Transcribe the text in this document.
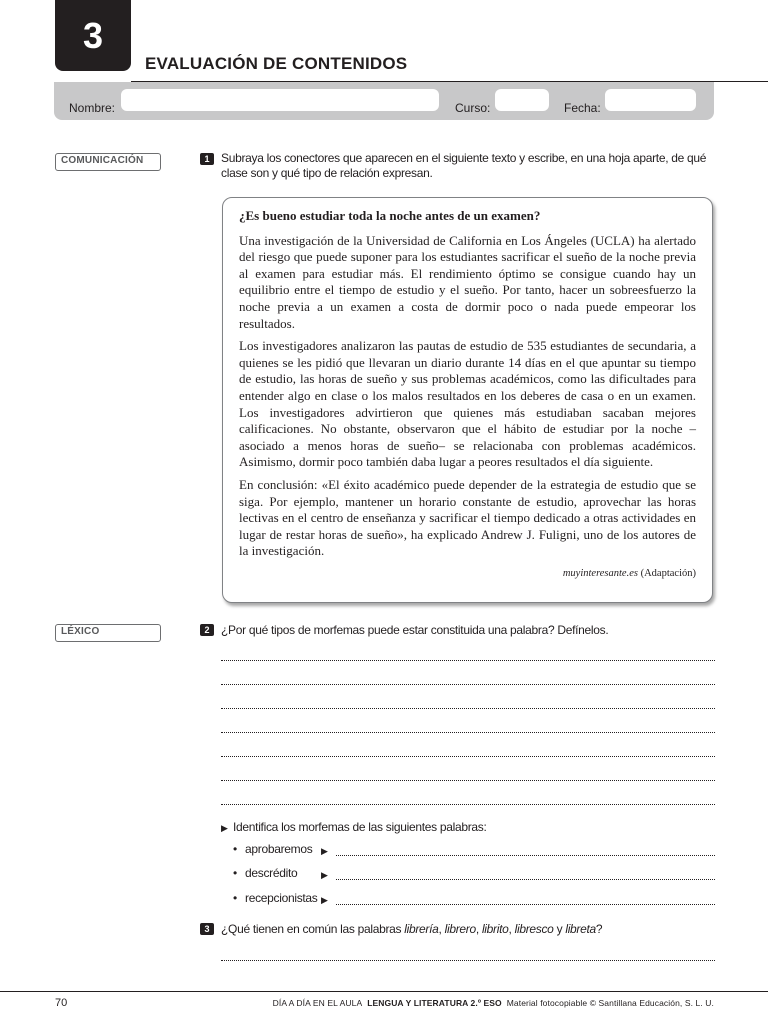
3
EVALUACIÓN DE CONTENIDOS
Nombre:	Curso:	Fecha:
COMUNICACIÓN	1 Subraya los conectores que aparecen en el siguiente texto y escribe, en una hoja aparte, de qué
clase son y qué tipo de relación expresan.
¿Es bueno estudiar toda la noche antes de un examen?

Una investigación de la Universidad de California en Los Ángeles (UCLA) ha alertado del riesgo que puede suponer para los estudiantes sacrificar el sueño de la noche previa al examen para estudiar más. El rendimiento óptimo se consigue cuando hay un equilibrio entre el tiempo de estudio y el sueño. Por tanto, hacer un sobreesfuerzo la noche previa a un examen a costa de dormir poco o nada puede empeorar los resultados.

Los investigadores analizaron las pautas de estudio de 535 estudiantes de secundaria, a quienes se les pidió que llevaran un diario durante 14 días en el que apuntar su tiempo de estudio, las horas de sueño y sus problemas académicos, como las dificultades para entender algo en clase o los malos resultados en los deberes de casa o en un examen. Los investigadores advirtieron que quienes más estudiaban sacaban mejores calificaciones. No obstante, observaron que el hábito de estudiar por la noche –asociado a menos horas de sueño– se relacionaba con problemas académicos. Asimismo, dormir poco también daba lugar a peores resultados el día siguiente.

En conclusión: «El éxito académico puede depender de la estrategia de estudio que se siga. Por ejemplo, mantener un horario constante de estudio, aprovechar las horas lectivas en el centro de enseñanza y sacrificar el tiempo dedicado a otras actividades en lugar de restar horas de sueño», ha explicado Andrew J. Fuligni, uno de los autores de la investigación.

muyinteresante.es (Adaptación)
LÉXICO	2 ¿Por qué tipos de morfemas puede estar constituida una palabra? Defínelos.
▶ Identifica los morfemas de las siguientes palabras:
• aprobaremos ▶
• descrédito	▶
• recepcionistas ▶
3 ¿Qué tienen en común las palabras librería, librero, librito, libresco y libreta?
70	DÍA A DÍA EN EL AULA LENGUA Y LITERATURA 2.º ESO Material fotocopiable © Santillana Educación, S. L. U.
